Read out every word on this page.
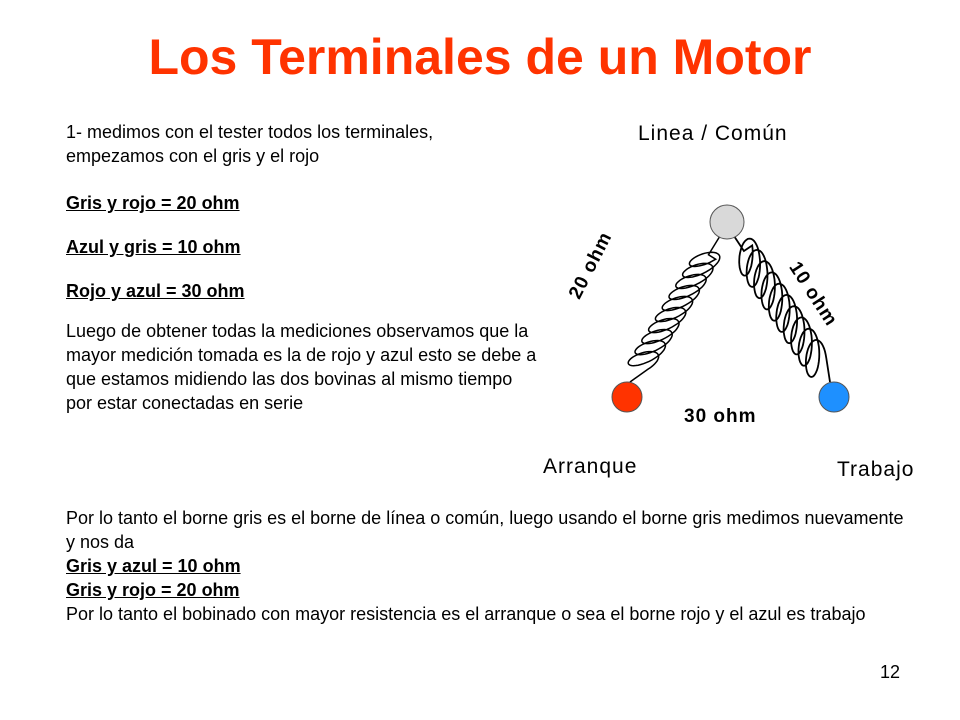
Los Terminales de un Motor

1- medimos con el tester todos los terminales, empezamos con el gris y el rojo

Gris y rojo = 20 ohm

Azul y gris = 10 ohm

Rojo y azul = 30 ohm

Luego de obtener todas la mediciones observamos que la mayor medición tomada es la de rojo y azul esto se debe a que estamos midiendo las dos bovinas al mismo tiempo por estar conectadas en serie

Por lo tanto el borne gris es el borne de línea o común, luego usando el borne gris medimos nuevamente y nos da

Gris y azul = 10 ohm

Gris y rojo = 20 ohm

Por lo tanto el bobinado con mayor resistencia es el arranque o sea el borne rojo y el azul es trabajo

Linea / Común
Arranque	Trabajo
20 ohm	10 ohm
30 ohm
12
